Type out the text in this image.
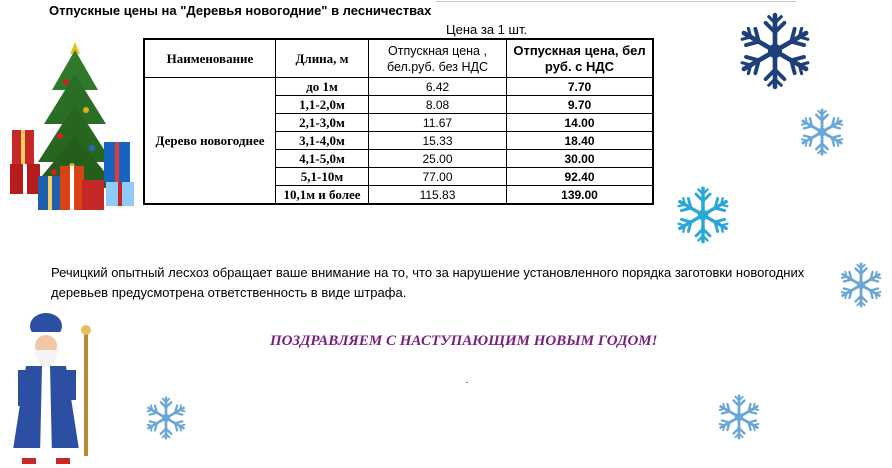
Отпускные цены на "Деревья новогодние" в лесничествах
Цена за 1 шт.
Наименование	Длина, м	Отпускная цена , бел.руб. без НДС	Отпускная цена, бел руб. с НДС
Дерево новогоднее	до 1м	6.42	7.70
	1,1-2,0м	8.08	9.70
	2,1-3,0м	11.67	14.00
	3,1-4,0м	15.33	18.40
	4,1-5,0м	25.00	30.00
	5,1-10м	77.00	92.40
	10,1м и более	115.83	139.00
Речицкий опытный лесхоз обращает ваше внимание на то, что за нарушение установленного порядка заготовки новогодних деревьев предусмотрена ответственность в виде штрафа.
ПОЗДРАВЛЯЕМ С НАСТУПАЮЩИМ НОВЫМ ГОДОМ!
